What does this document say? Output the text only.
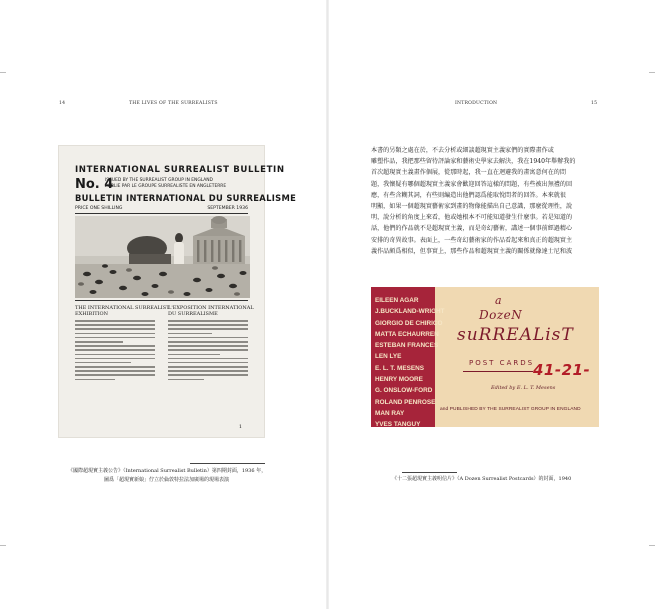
14	THE LIVES OF THE SURREALISTS	INTRODUCTION	15
INTERNATIONAL SURREALIST BULLETIN
No. 4
ISSUED BY THE SURREALIST GROUP IN ENGLAND
PUBLIE PAR LE GROUPE SURREALISTE EN ANGLETERRE
BULLETIN INTERNATIONAL DU SURREALISME
PRICE ONE SHILLING	SEPTEMBER 1936
THE INTERNATIONAL SURREALIST
EXHIBITION
L'EXPOSITION INTERNATIONAL
DU SURREALISME
1
《國際超現實主義公告》（International Surrealist Bulletin）第四期封面，1936 年，
圖爲「超現實新娘」佇立於倫敦特拉法加廣場的現場表演
本書的另類之處在於，不去分析或細談超現實主義家們的實際畫作或
雕塑作品，我把那些留待評論家和藝術史學家去解決，我在1940年舉辦我的
首次超現實主義畫作個展，從那時起，我一直在迴避我的畫寓意何在的問
題，我懷疑有哪個超現實主義家會歡迎回答這樣的問題，有些被出無禮的回
應，有些含糊其詞，有些則編造出他們認爲能取悅問者的回答。本來就很
明顯，如果一個超現實藝術家到畫的物像能描出自己意識，那麼從理性，說
明，說分析的角度上來看，他或她根本不可能知道發生什麼事。若是知道的
話，他們的作品就不是超現實主義，而是奇幻藝術，講述一個事前經過精心
安排的奇異故事。表面上，一些奇幻藝術家的作品看起來和真正的超現實主
義作品頗爲相似，但事實上，那些作品和超現實主義的關係就像達士尼和波
EILEEN AGAR
J.BUCKLAND-WRIGHT
GIORGIO DE CHIRICO
MATTA ECHAURREN
ESTEBAN FRANCES
LEN LYE
E. L. T. MESENS
HENRY MOORE
G. ONSLOW-FORD
ROLAND PENROSE
MAN RAY
YVES TANGUY
a
DozeN
suRREALisT
POST CARDS
41-21-
Edited by E. L. T. Mesens
and PUBLISHED BY THE SURREALIST GROUP IN ENGLAND
《十二張超現實主義明信片》（A Dozen Surrealist Postcards）的封面，1940
